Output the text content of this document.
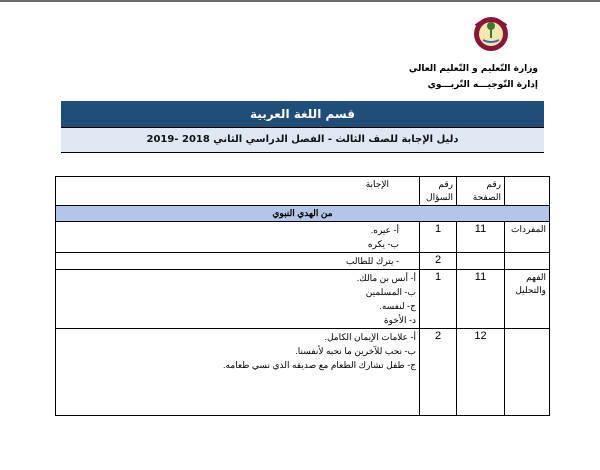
وزارة التّعليم و التّعليم العالي
إدارة التّوجيـــه التّربـــوي
قسم اللغة العربية
دليل الإجابة للصف الثالث - الفصل الدراسي الثاني 2018 -2019
	رقم الصفحة	رقم السؤال	الإجابة
من الهدي النبوي			
المفردات	11	1	أ- عيره.
ب- يكره

		2	- يترك للطالب

الفهم والتحليل	11	1	أ- أنس بن مالك.
ب- المسلمين
ج- لنفسه.
د- الأخوة

	12	2	أ- علامات الإيمان الكامل.
ب- نحب للآخرين ما نحبه لأنفسنا.
ج- طفل تشارك الطعام مع صديقه الذي نسي طعامه.
